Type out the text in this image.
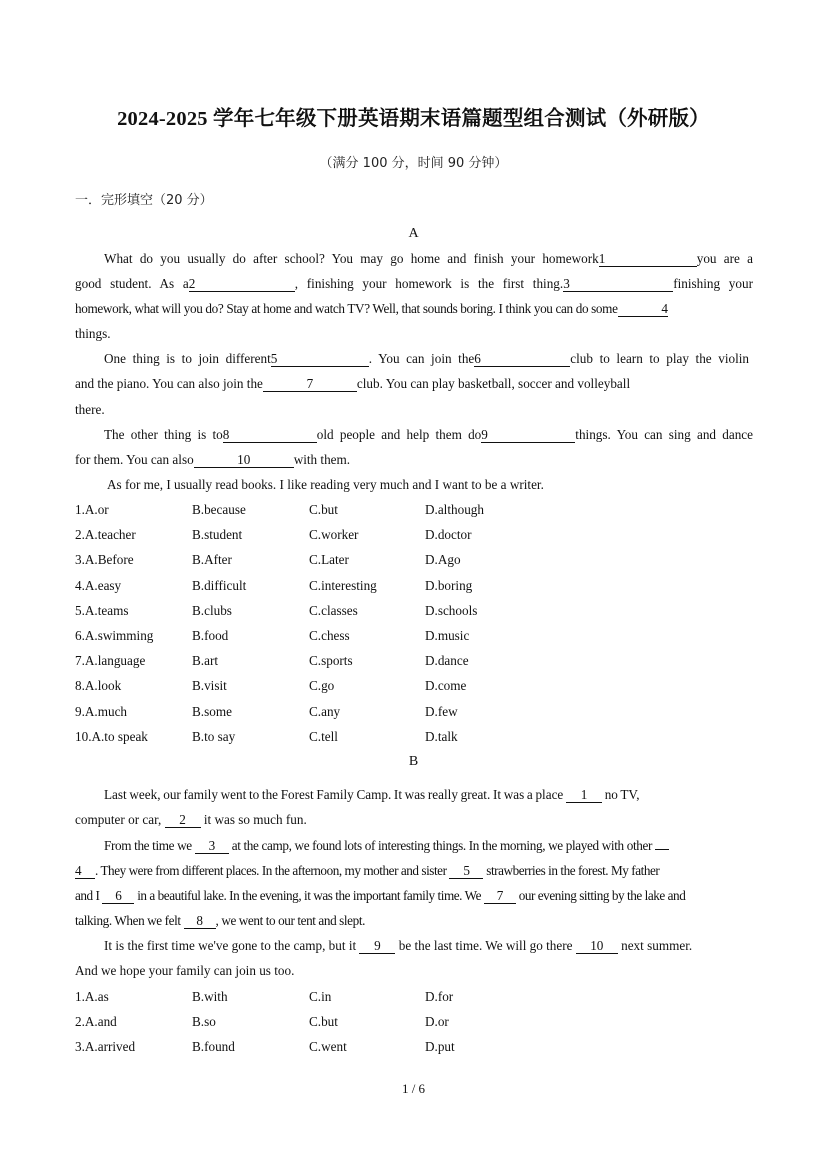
2024-2025 学年七年级下册英语期末语篇题型组合测试（外研版）
（满分 100 分，时间 90 分钟）
一．完形填空（20 分）
A
What do you usually do after school? You may go home and finish your homework1	you are a
good student. As a2	, finishing your homework is the first thing.3	finishing your
homework, what will you do? Stay at home and watch TV? Well, that sounds boring. I think you can do some	4
things.
One thing is to join different5	. You can join the6	club to learn to play the violin
and the piano. You can also join the	7	club. You can play basketball, soccer and volleyball
there.
The other thing is to8	old people and help them do9	things. You can sing and dance
for them. You can also	10	with them.
As for me, I usually read books. I like reading very much and I want to be a writer.
1.A.or	B.because	C.but	D.although
2.A.teacher	B.student	C.worker	D.doctor
3.A.Before	B.After	C.Later	D.Ago
4.A.easy	B.difficult	C.interesting	D.boring
5.A.teams	B.clubs	C.classes	D.schools
6.A.swimming	B.food	C.chess	D.music
7.A.language	B.art	C.sports	D.dance
8.A.look	B.visit	C.go	D.come
9.A.much	B.some	C.any	D.few
10.A.to speak	B.to say	C.tell	D.talk
B
Last week, our family went to the Forest Family Camp. It was really great. It was a place 1 no TV,
computer or car, 2 it was so much fun.
From the time we 3 at the camp, we found lots of interesting things. In the morning, we played with other
4 . They were from different places. In the afternoon, my mother and sister 5 strawberries in the forest. My father
and I 6 in a beautiful lake. In the evening, it was the important family time. We 7 our evening sitting by the lake and
talking. When we felt 8 , we went to our tent and slept.
It is the first time we've gone to the camp, but it 9 be the last time. We will go there 10 next summer.
And we hope your family can join us too.
1.A.as	B.with	C.in	D.for
2.A.and	B.so	C.but	D.or
3.A.arrived	B.found	C.went	D.put
1 / 6
